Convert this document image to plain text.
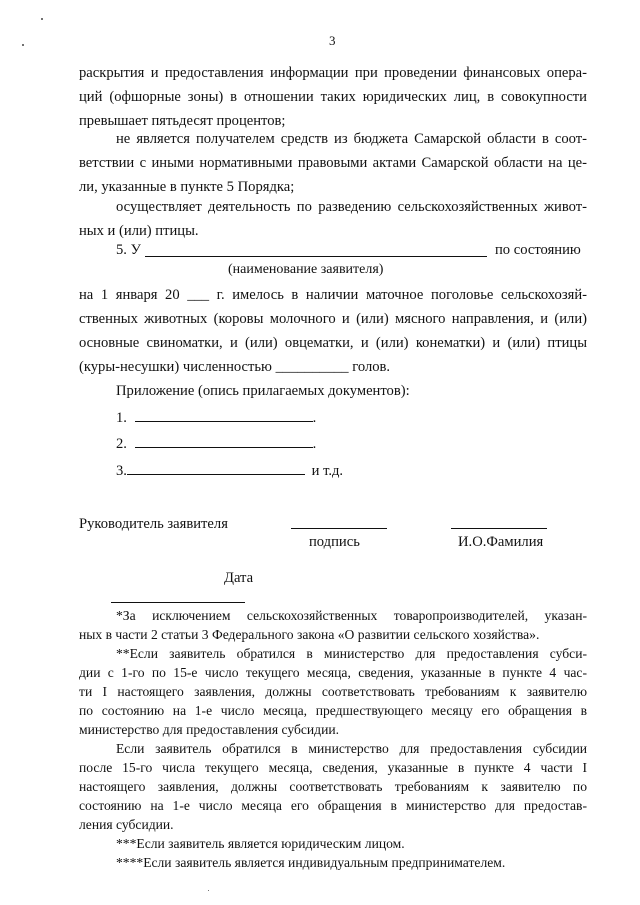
3
раскрытия и предоставления информации при проведении финансовых опера-
ций (офшорные зоны) в отношении таких юридических лиц, в совокупности
превышает пятьдесят процентов;
не является получателем средств из бюджета Самарской области в соот-
ветствии с иными нормативными правовыми актами Самарской области на це-
ли, указанные в пункте 5 Порядка;
осуществляет деятельность по разведению сельскохозяйственных живот-
ных и (или) птицы.
5. У	по состоянию
(наименование заявителя)
на 1 января 20 ___ г. имелось в наличии маточное поголовье сельскохозяй-
ственных животных (коровы молочного и (или) мясного направления, и (или)
основные свиноматки, и (или) овцематки, и (или) конематки) и (или) птицы
(куры-несушки) численностью __________ голов.
Приложение (опись прилагаемых документов):
1.	.
2.	.
3.	и т.д.
Руководитель заявителя
подпись	И.О.Фамилия
Дата
*За исключением сельскохозяйственных товаропроизводителей, указан-
ных в части 2 статьи 3 Федерального закона «О развитии сельского хозяйства».
**Если заявитель обратился в министерство для предоставления субси-
дии с 1-го по 15-е число текущего месяца, сведения, указанные в пункте 4 час-
ти I настоящего заявления, должны соответствовать требованиям к заявителю
по состоянию на 1-е число месяца, предшествующего месяцу его обращения в
министерство для предоставления субсидии.
Если заявитель обратился в министерство для предоставления субсидии
после 15-го числа текущего месяца, сведения, указанные в пункте 4 части I
настоящего заявления, должны соответствовать требованиям к заявителю по
состоянию на 1-е число месяца его обращения в министерство для предостав-
ления субсидии.
***Если заявитель является юридическим лицом.
****Если заявитель является индивидуальным предпринимателем.
